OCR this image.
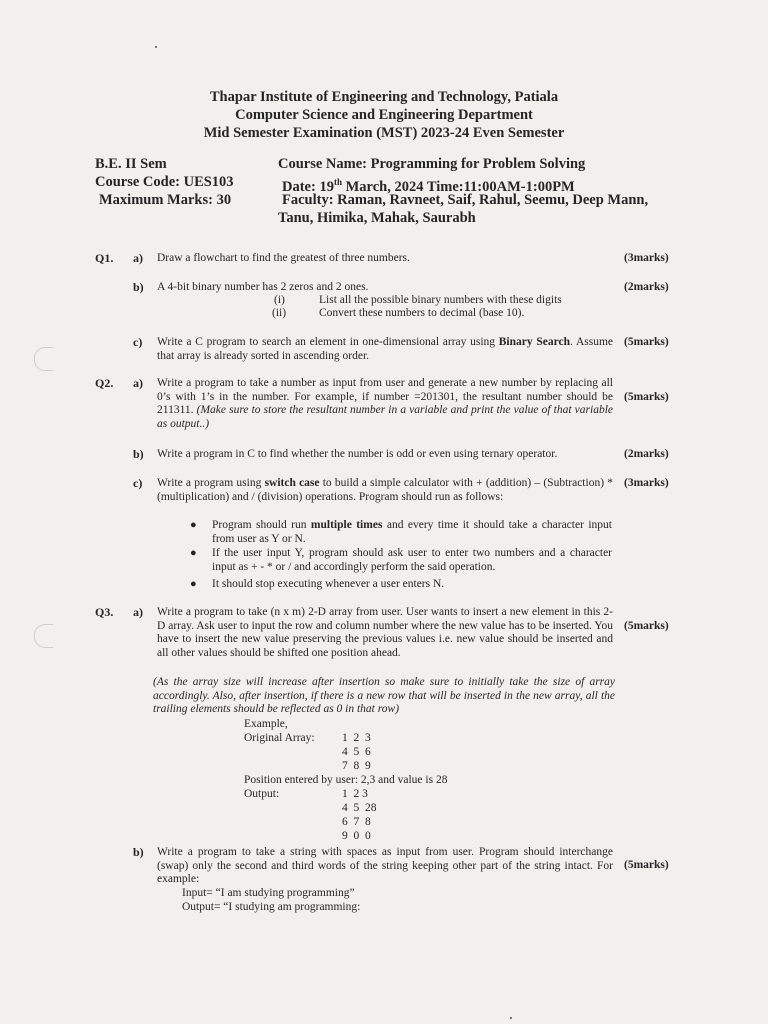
Thapar Institute of Engineering and Technology, Patiala
Computer Science and Engineering Department
Mid Semester Examination (MST) 2023-24 Even Semester
B.E. II Sem
Course Code: UES103
Maximum Marks: 30
Course Name: Programming for Problem Solving
Date: 19th March, 2024 Time:11:00AM-1:00PM
Faculty: Raman, Ravneet, Saif, Rahul, Seemu, Deep Mann,
Tanu, Himika, Mahak, Saurabh
Q1. a) Draw a flowchart to find the greatest of three numbers.	(3marks)
b) A 4-bit binary number has 2 zeros and 2 ones.	(2marks)
(i)	List all the possible binary numbers with these digits
(ii)	Convert these numbers to decimal (base 10).
c) Write a C program to search an element in one-dimensional array using Binary Search. Assume that array is already sorted in ascending order.
(5marks)
Q2. a) Write a program to take a number as input from user and generate a new number by replacing all 0’s with 1’s in the number. For example, if number =201301, the resultant number should be 211311. (Make sure to store the resultant number in a variable and print the value of that variable as output..)
(5marks)
b) Write a program in C to find whether the number is odd or even using ternary operator.	(2marks)
c) Write a program using switch case to build a simple calculator with + (addition) – (Subtraction) * (multiplication) and / (division) operations. Program should run as follows:
(3marks)
● Program should run multiple times and every time it should take a character input from user as Y or N.
● If the user input Y, program should ask user to enter two numbers and a character input as + - * or / and accordingly perform the said operation.
● It should stop executing whenever a user enters N.
Q3. a) Write a program to take (n x m) 2-D array from user. User wants to insert a new element in this 2-D array. Ask user to input the row and column number where the new value has to be inserted. You have to insert the new value preserving the previous values i.e. new value should be inserted and all other values should be shifted one position ahead.
(5marks)
(As the array size will increase after insertion so make sure to initially take the size of array accordingly. Also, after insertion, if there is a new row that will be inserted in the new array, all the trailing elements should be reflected as 0 in that row)
Example,
Original Array: 1  2  3
4  5  6
7  8  9
Position entered by user: 2,3 and value is 28
Output:	1  2 3
4  5  28
6  7  8
9  0  0
b) Write a program to take a string with spaces as input from user. Program should interchange (swap) only the second and third words of the string keeping other part of the string intact. For example:
(5marks)
Input= “I am studying programming”
Output= “I studying am programming:
